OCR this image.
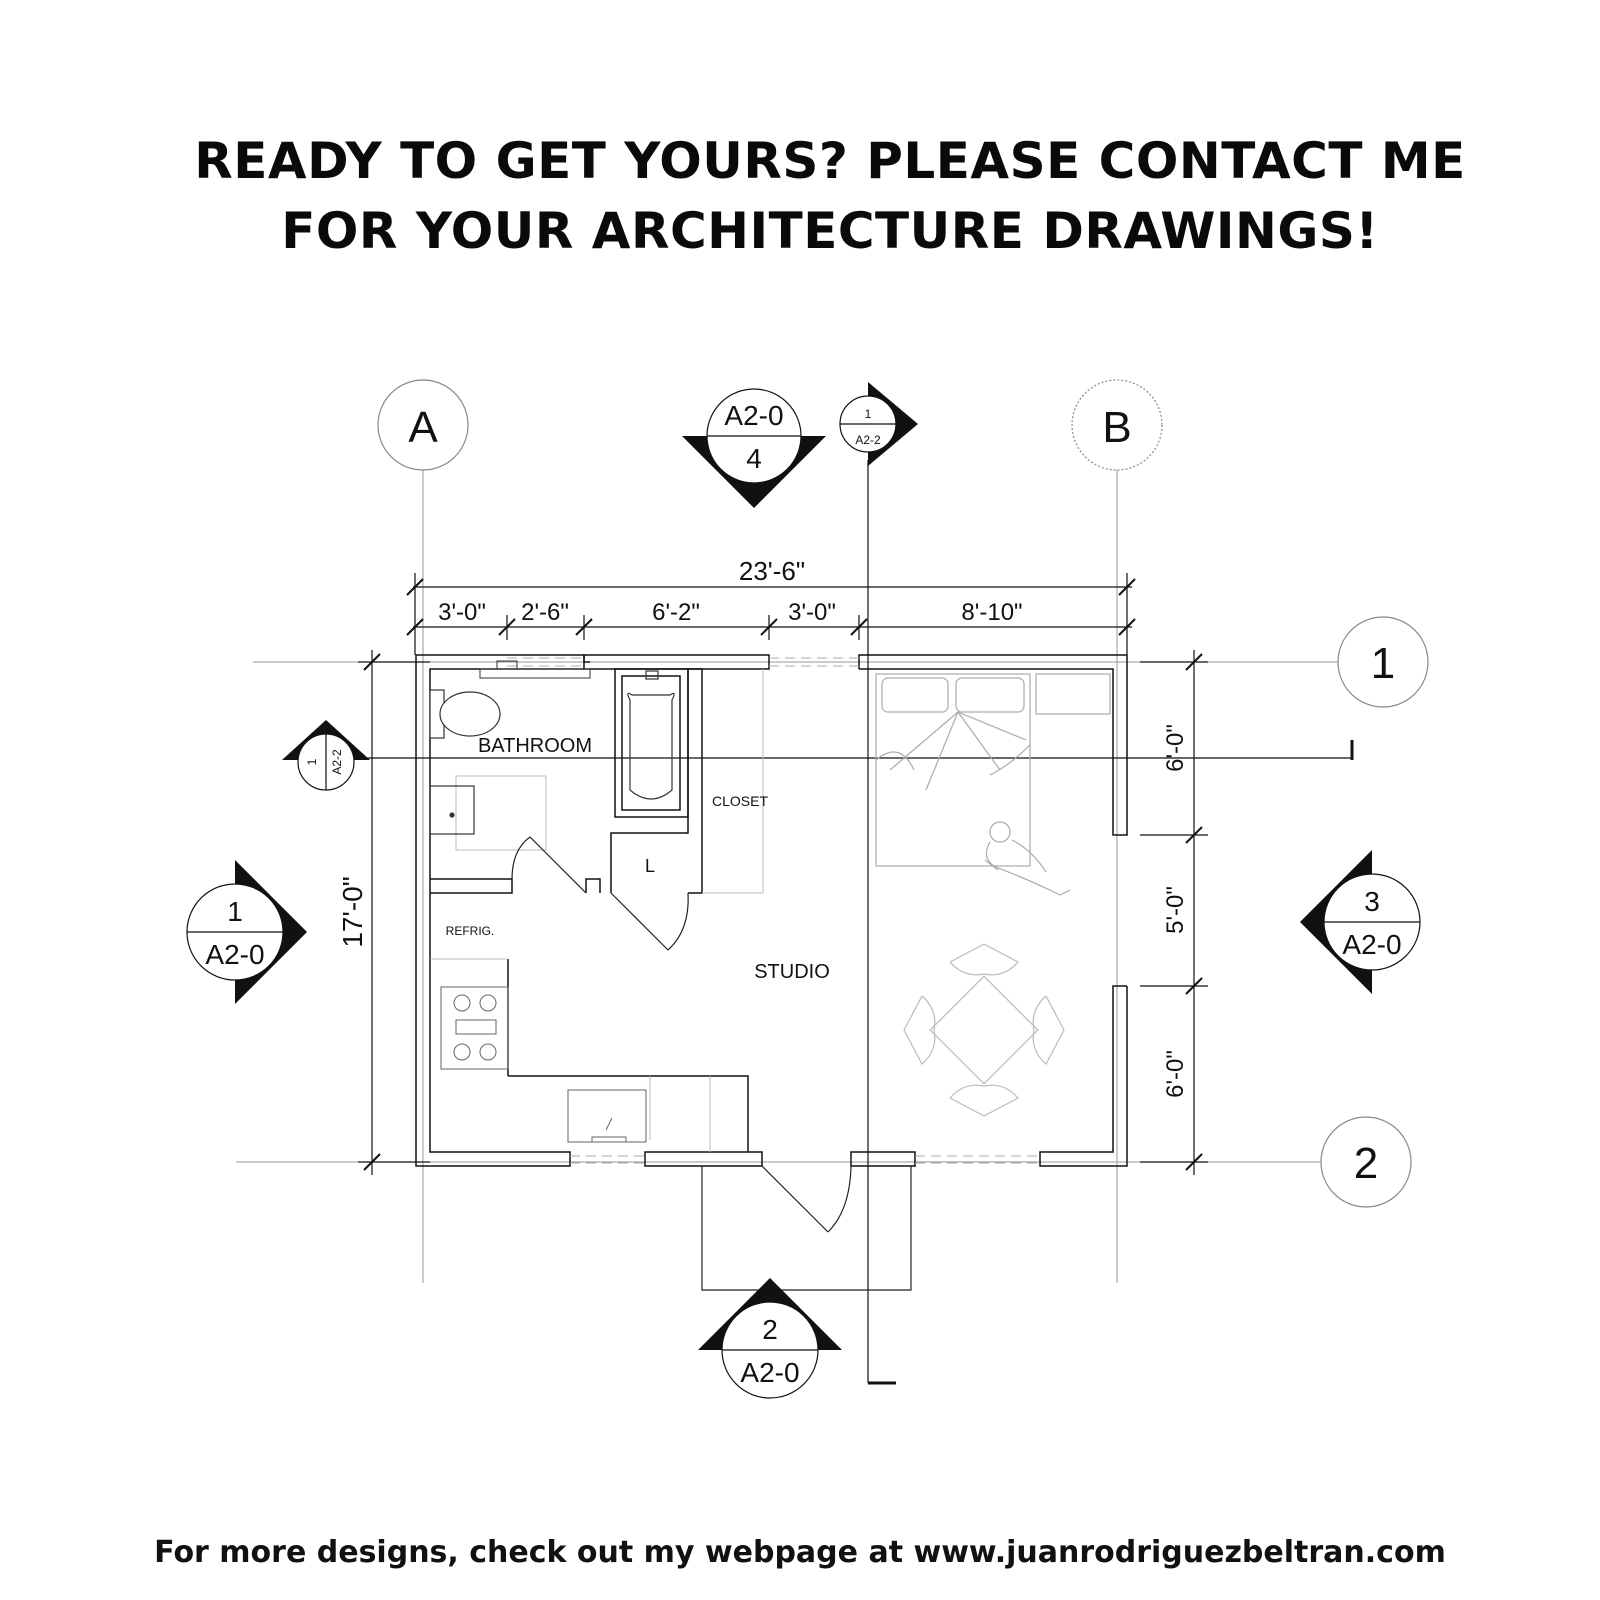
READY TO GET YOURS? PLEASE CONTACT ME
FOR YOUR ARCHITECTURE DRAWINGS!
A	B
1
2
23'-6"
3'-0" 2'-6"	6'-2"	3'-0"	8'-10"
17'-0"
6'-0"
5'-0"
6'-0"
BATHROOM
CLOSET
L
REFRIG.
STUDIO
A2-0
4
1
A2-2
1 A2-2
1
A2-0
3
A2-0
2
A2-0
For more designs, check out my webpage at www.juanrodriguezbeltran.com
